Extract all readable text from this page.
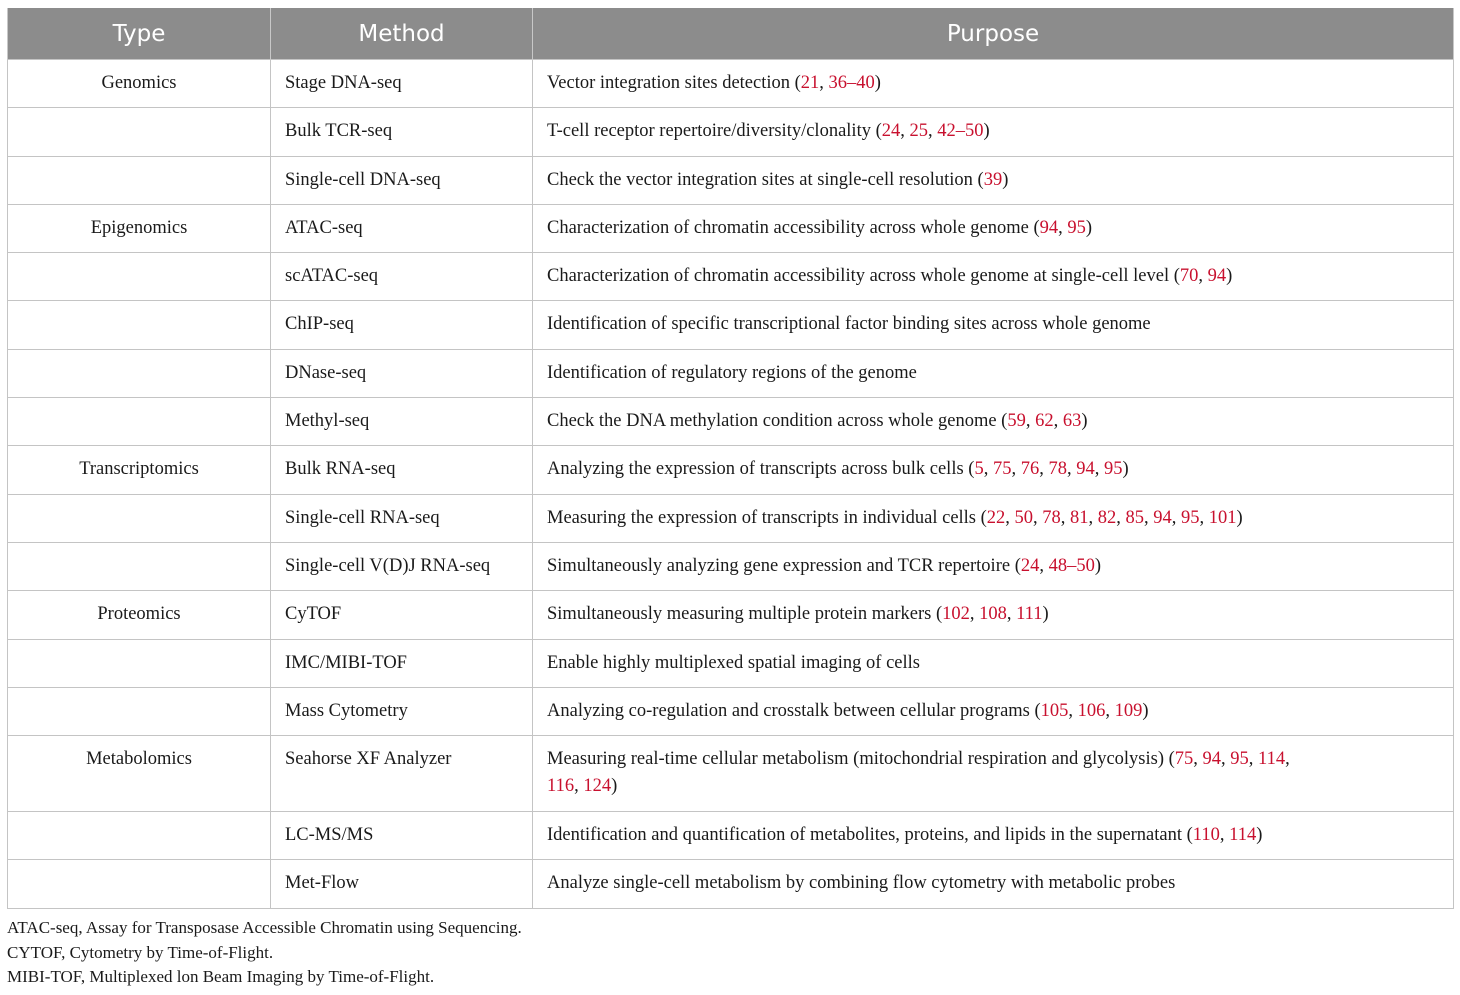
Type	Method	Purpose
Genomics	Stage DNA-seq	Vector integration sites detection (21, 36–40)
	Bulk TCR-seq	T-cell receptor repertoire/diversity/clonality (24, 25, 42–50)
	Single-cell DNA-seq	Check the vector integration sites at single-cell resolution (39)
Epigenomics	ATAC-seq	Characterization of chromatin accessibility across whole genome (94, 95)
	scATAC-seq	Characterization of chromatin accessibility across whole genome at single-cell level (70, 94)
	ChIP-seq	Identification of specific transcriptional factor binding sites across whole genome
	DNase-seq	Identification of regulatory regions of the genome
	Methyl-seq	Check the DNA methylation condition across whole genome (59, 62, 63)
Transcriptomics	Bulk RNA-seq	Analyzing the expression of transcripts across bulk cells (5, 75, 76, 78, 94, 95)
	Single-cell RNA-seq	Measuring the expression of transcripts in individual cells (22, 50, 78, 81, 82, 85, 94, 95, 101)
	Single-cell V(D)J RNA-seq	Simultaneously analyzing gene expression and TCR repertoire (24, 48–50)
Proteomics	CyTOF	Simultaneously measuring multiple protein markers (102, 108, 111)
	IMC/MIBI-TOF	Enable highly multiplexed spatial imaging of cells
	Mass Cytometry	Analyzing co-regulation and crosstalk between cellular programs (105, 106, 109)
Metabolomics	Seahorse XF Analyzer	Measuring real-time cellular metabolism (mitochondrial respiration and glycolysis) (75, 94, 95, 114,
116, 124)
	LC-MS/MS	Identification and quantification of metabolites, proteins, and lipids in the supernatant (110, 114)
	Met-Flow	Analyze single-cell metabolism by combining flow cytometry with metabolic probes
ATAC-seq, Assay for Transposase Accessible Chromatin using Sequencing.
CYTOF, Cytometry by Time-of-Flight.
MIBI-TOF, Multiplexed lon Beam Imaging by Time-of-Flight.
